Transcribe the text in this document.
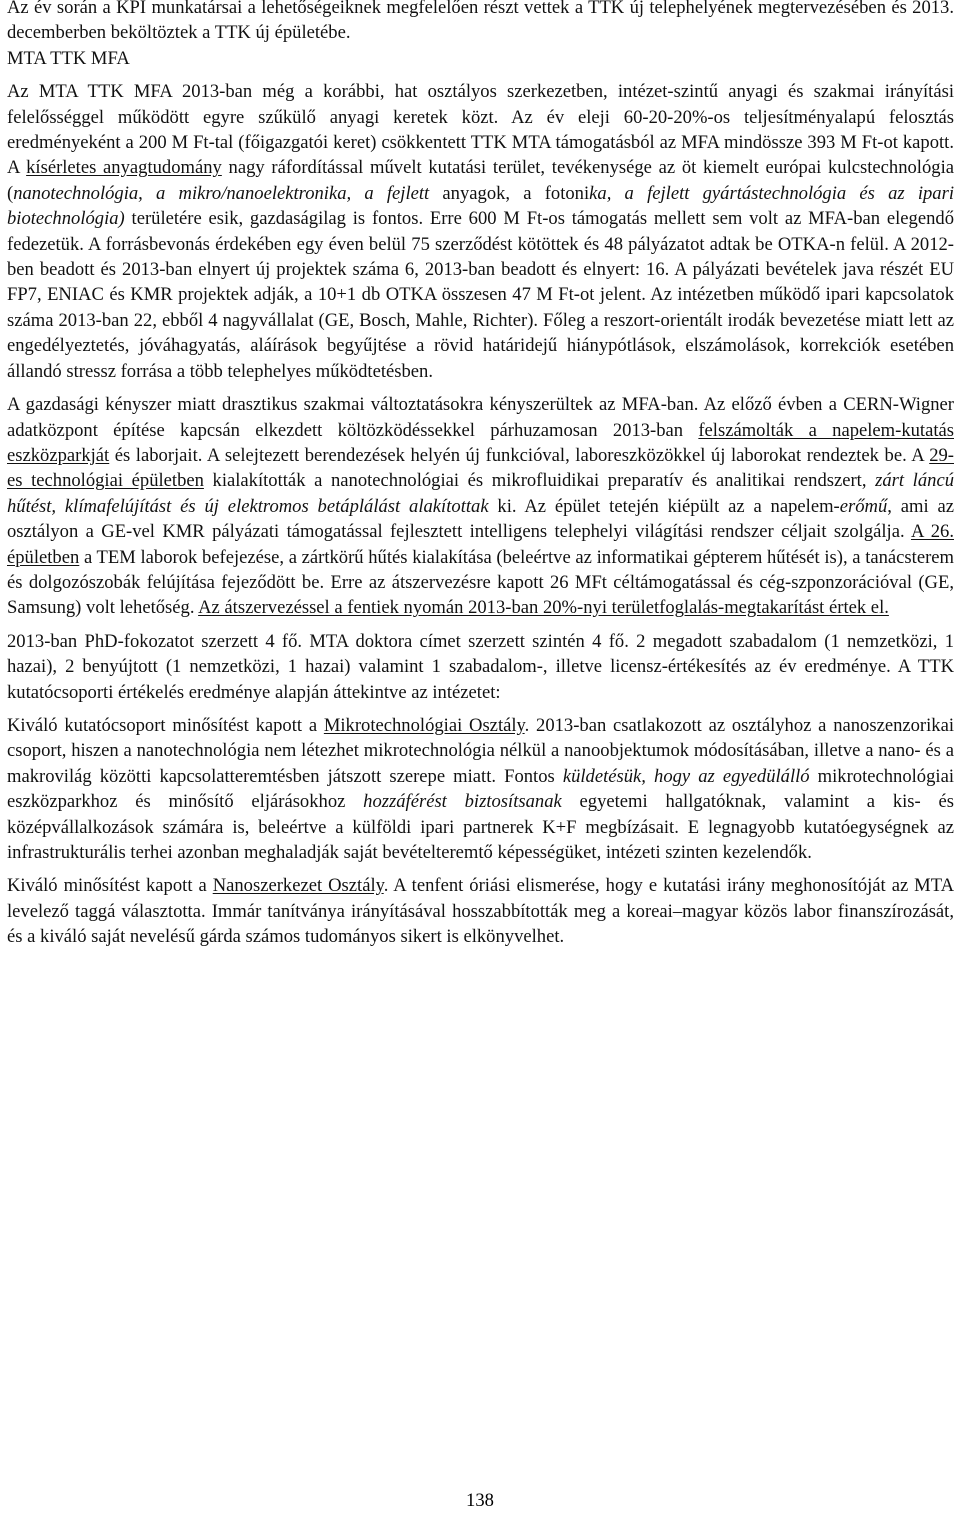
Az év során a KPI munkatársai a lehetőségeiknek megfelelően részt vettek a TTK új telephelyének megtervezésében és 2013. decemberben beköltöztek a TTK új épületébe.

MTA TTK MFA

Az MTA TTK MFA 2013-ban még a korábbi, hat osztályos szerkezetben, intézet-szintű anyagi és szakmai irányítási felelősséggel működött egyre szűkülő anyagi keretek közt. Az év eleji 60-20-20%-os teljesítményalapú felosztás eredményeként a 200 M Ft-tal (főigazgatói keret) csökkentett TTK MTA támogatásból az MFA mindössze 393 M Ft-ot kapott. A kísérletes anyagtudomány nagy ráfordítással művelt kutatási terület, tevékenysége az öt kiemelt európai kulcstechnológia (nanotechnológia, a mikro/nanoelektronika, a fejlett anyagok, a fotonika, a fejlett gyártástechnológia és az ipari biotechnológia) területére esik, gazdaságilag is fontos. Erre 600 M Ft-os támogatás mellett sem volt az MFA-ban elegendő fedezetük. A forrásbevonás érdekében egy éven belül 75 szerződést kötöttek és 48 pályázatot adtak be OTKA-n felül. A 2012-ben beadott és 2013-ban elnyert új projektek száma 6, 2013-ban beadott és elnyert: 16. A pályázati bevételek java részét EU FP7, ENIAC és KMR projektek adják, a 10+1 db OTKA összesen 47 M Ft-ot jelent. Az intézetben működő ipari kapcsolatok száma 2013-ban 22, ebből 4 nagyvállalat (GE, Bosch, Mahle, Richter). Főleg a reszort-orientált irodák bevezetése miatt lett az engedélyeztetés, jóváhagyatás, aláírások begyűjtése a rövid határidejű hiánypótlások, elszámolások, korrekciók esetében állandó stressz forrása a több telephelyes működtetésben.

A gazdasági kényszer miatt drasztikus szakmai változtatásokra kényszerültek az MFA-ban. Az előző évben a CERN-Wigner adatközpont építése kapcsán elkezdett költözködéssekkel párhuzamosan 2013-ban felszámolták a napelem-kutatás eszközparkját és laborjait. A selejtezett berendezések helyén új funkcióval, laboreszközökkel új laborokat rendeztek be. A 29-es technológiai épületben kialakították a nanotechnológiai és mikrofluidikai preparatív és analitikai rendszert, zárt láncú hűtést, klímafelújítást és új elektromos betáplálást alakítottak ki. Az épület tetején kiépült az a napelem-erőmű, ami az osztályon a GE-vel KMR pályázati támogatással fejlesztett intelligens telephelyi világítási rendszer céljait szolgálja. A 26. épületben a TEM laborok befejezése, a zártkörű hűtés kialakítása (beleértve az informatikai gépterem hűtését is), a tanácsterem és dolgozószobák felújítása fejeződött be. Erre az átszervezésre kapott 26 MFt céltámogatással és cég-szponzorációval (GE, Samsung) volt lehetőség. Az átszervezéssel a fentiek nyomán 2013-ban 20%-nyi területfoglalás-megtakarítást értek el.

2013-ban PhD-fokozatot szerzett 4 fő. MTA doktora címet szerzett szintén 4 fő. 2 megadott szabadalom (1 nemzetközi, 1 hazai), 2 benyújtott (1 nemzetközi, 1 hazai) valamint 1 szabadalom-, illetve licensz-értékesítés az év eredménye. A TTK kutatócsoporti értékelés eredménye alapján áttekintve az intézetet:

Kiváló kutatócsoport minősítést kapott a Mikrotechnológiai Osztály. 2013-ban csatlakozott az osztályhoz a nanoszenzorikai csoport, hiszen a nanotechnológia nem létezhet mikrotechnológia nélkül a nanoobjektumok módosításában, illetve a nano- és a makrovilág közötti kapcsolatteremtésben játszott szerepe miatt. Fontos küldetésük, hogy az egyedülálló mikrotechnológiai eszközparkhoz és minősítő eljárásokhoz hozzáférést biztosítsanak egyetemi hallgatóknak, valamint a kis- és középvállalkozások számára is, beleértve a külföldi ipari partnerek K+F megbízásait. E legnagyobb kutatóegységnek az infrastrukturális terhei azonban meghaladják saját bevételteremtő képességüket, intézeti szinten kezelendők.

Kiváló minősítést kapott a Nanoszerkezet Osztály. A tenfent óriási elismerése, hogy e kutatási irány meghonosítóját az MTA levelező taggá választotta. Immár tanítványa irányításával hosszabbították meg a koreai–magyar közös labor finanszírozását, és a kiváló saját nevelésű gárda számos tudományos sikert is elkönyvelhet.

138
